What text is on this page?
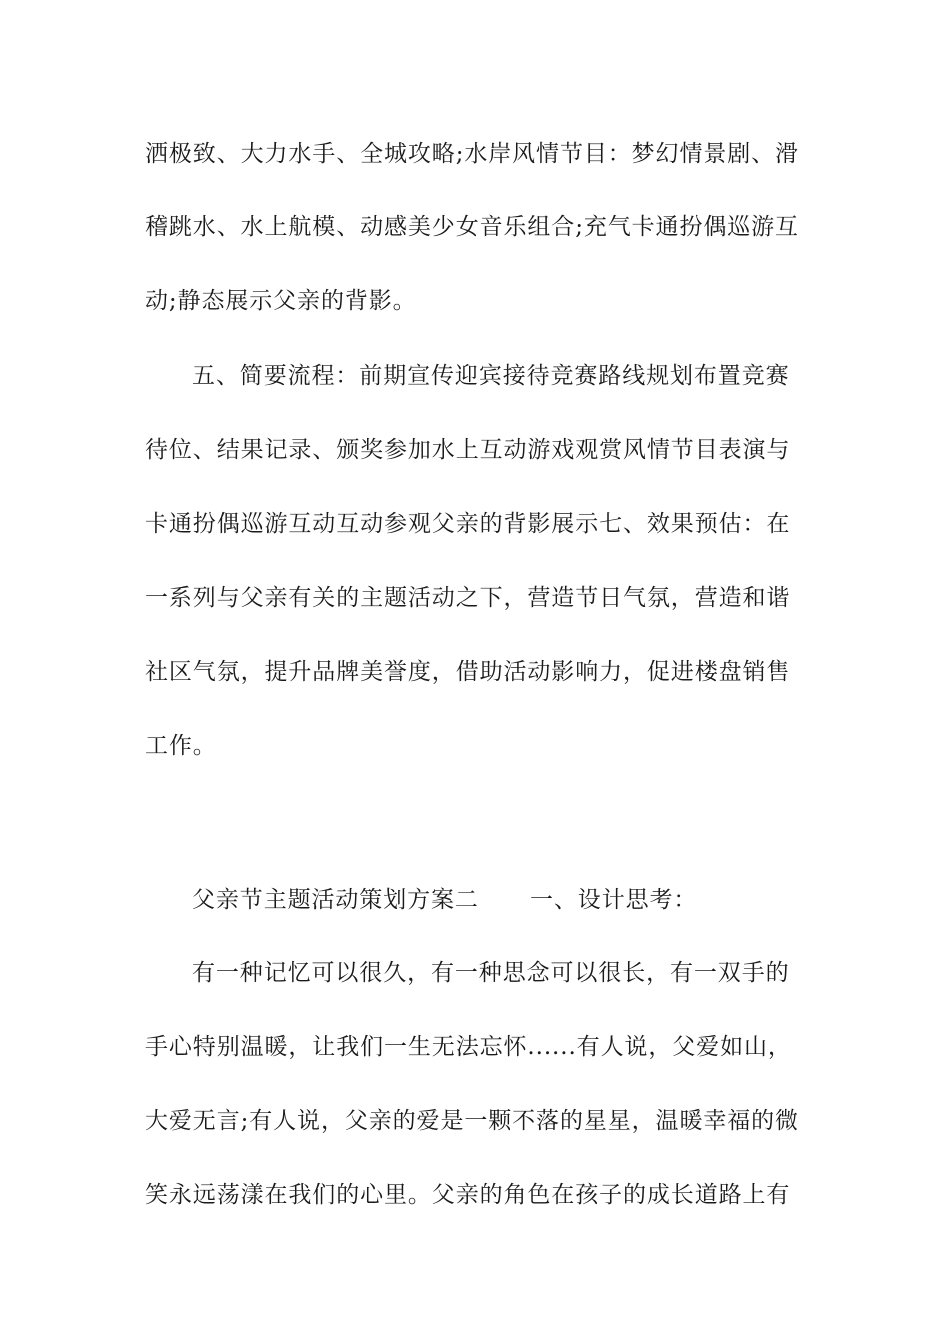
洒极致、大力水手、全城攻略;水岸风情节目：梦幻情景剧、滑
稽跳水、水上航模、动感美少女音乐组合;充气卡通扮偶巡游互
动;静态展示父亲的背影。
五、简要流程：前期宣传迎宾接待竞赛路线规划布置竞赛
待位、结果记录、颁奖参加水上互动游戏观赏风情节目表演与
卡通扮偶巡游互动互动参观父亲的背影展示七、效果预估：在
一系列与父亲有关的主题活动之下，营造节日气氛，营造和谐
社区气氛，提升品牌美誉度，借助活动影响力，促进楼盘销售
工作。
父亲节主题活动策划方案二	一、设计思考：
有一种记忆可以很久，有一种思念可以很长，有一双手的
手心特别温暖，让我们一生无法忘怀......有人说，父爱如山，
大爱无言;有人说，父亲的爱是一颗不落的星星，温暖幸福的微
笑永远荡漾在我们的心里。父亲的角色在孩子的成长道路上有
